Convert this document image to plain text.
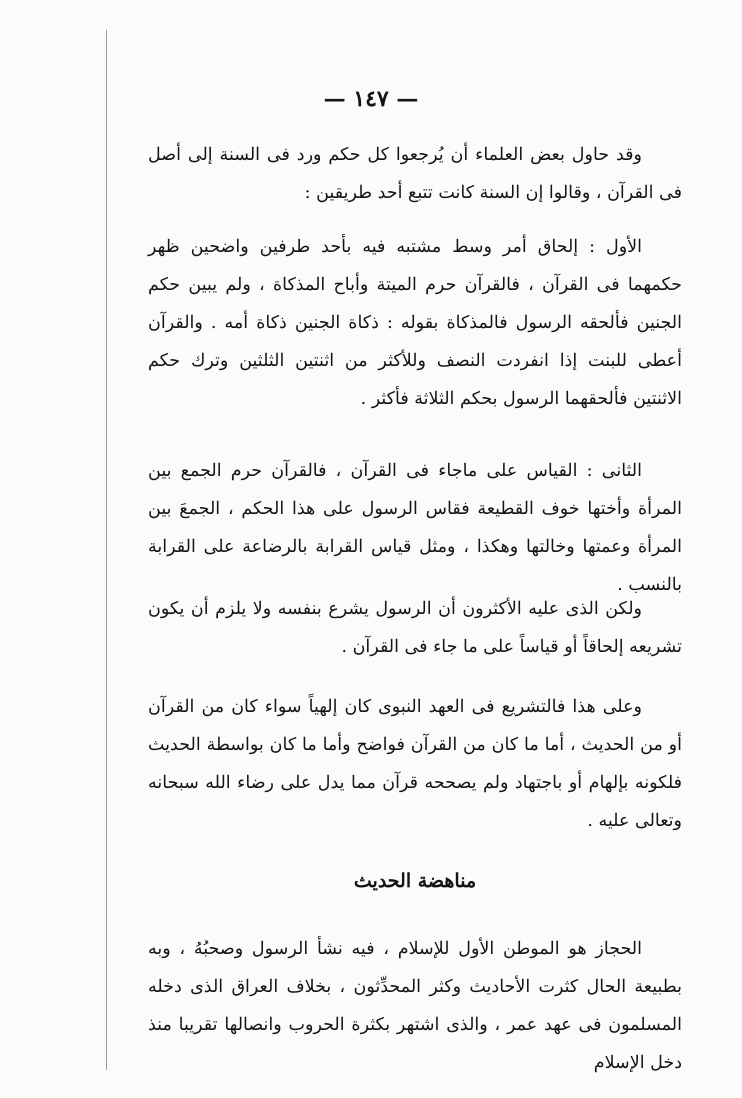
— ١٤٧ —

وقد حاول بعض العلماء أن يُرجعوا كل حكم ورد فى السنة إلى أصل فى القرآن ، وقالوا إن السنة كانت تتبع أحد طريقين :

الأول : إلحاق أمر وسط مشتبه فيه بأحد طرفين واضحين ظهر حكمهما فى القرآن ، فالقرآن حرم الميتة وأباح المذكاة ، ولم يبين حكم الجنين فألحقه الرسول فالمذكاة بقوله : ذكاة الجنين ذكاة أمه . والقرآن أعطى للبنت إذا انفردت النصف وللأكثر من اثنتين الثلثين وترك حكم الاثنتين فألحقهما الرسول بحكم الثلاثة فأكثر .

الثانى : القياس على ماجاء فى القرآن ، فالقرآن حرم الجمع بين المرأة وأختها خوف القطيعة فقاس الرسول على هذا الحكم ، الجمعَ بين المرأة وعمتها وخالتها وهكذا ، ومثل قياس القرابة بالرضاعة على القرابة بالنسب .

ولكن الذى عليه الأكثرون أن الرسول يشرع بنفسه ولا يلزم أن يكون تشريعه إلحاقاً أو قياساً على ما جاء فى القرآن .

وعلى هذا فالتشريع فى العهد النبوى كان إلهياً سواء كان من القرآن أو من الحديث ، أما ما كان من القرآن فواضح وأما ما كان بواسطة الحديث فلكونه بإلهام أو باجتهاد ولم يصححه قرآن مما يدل على رضاء الله سبحانه وتعالى عليه .

مناهضة الحديث

الحجاز هو الموطن الأول للإسلام ، فيه نشأ الرسول وصحبُهُ ، وبه بطبيعة الحال كثرت الأحاديث وكثر المحدِّثون ، بخلاف العراق الذى دخله المسلمون فى عهد عمر ، والذى اشتهر بكثرة الحروب وانصالها تقريبا منذ دخل الإسلام
